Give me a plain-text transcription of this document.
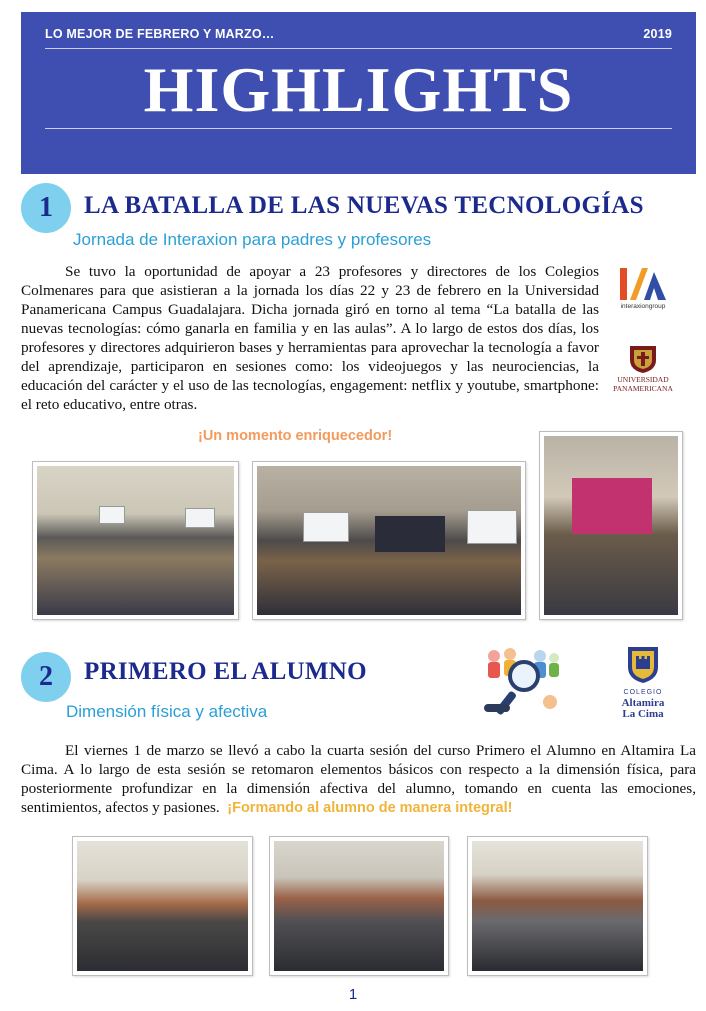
LO MEJOR DE FEBRERO Y MARZO…	2019
HIGHLIGHTS
1	LA BATALLA DE LAS NUEVAS TECNOLOGÍAS
Jornada de Interaxion para padres y profesores

Se tuvo la oportunidad de apoyar a 23 profesores y directores de los Colegios Colmenares para que asistieran a la jornada los días 22 y 23 de febrero en la Universidad Panamericana Campus Guadalajara. Dicha jornada giró en torno al tema “La batalla de las nuevas tecnologías: cómo ganarla en familia y en las aulas”. A lo largo de estos dos días, los profesores y directores adquirieron bases y herramientas para aprovechar la tecnología a favor del aprendizaje, participaron en sesiones como: los videojuegos y las neurociencias, la educación del carácter y el uso de las tecnologías, engagement: netflix y youtube, smartphone: el reto educativo, entre otras.

interaxiongroup
UNIVERSIDAD
PANAMERICANA
¡Un momento enriquecedor!
2	PRIMERO EL ALUMNO
Dimensión física y afectiva
COLEGIO
Altamira
La Cima

El viernes 1 de marzo se llevó a cabo la cuarta sesión del curso Primero el Alumno en Altamira La Cima. A lo largo de esta sesión se retomaron elementos básicos con respecto a la dimensión física, para posteriormente profundizar en la dimensión afectiva del alumno, tomando en cuenta las emociones, sentimientos, afectos y pasiones. ¡Formando al alumno de manera integral!

1
